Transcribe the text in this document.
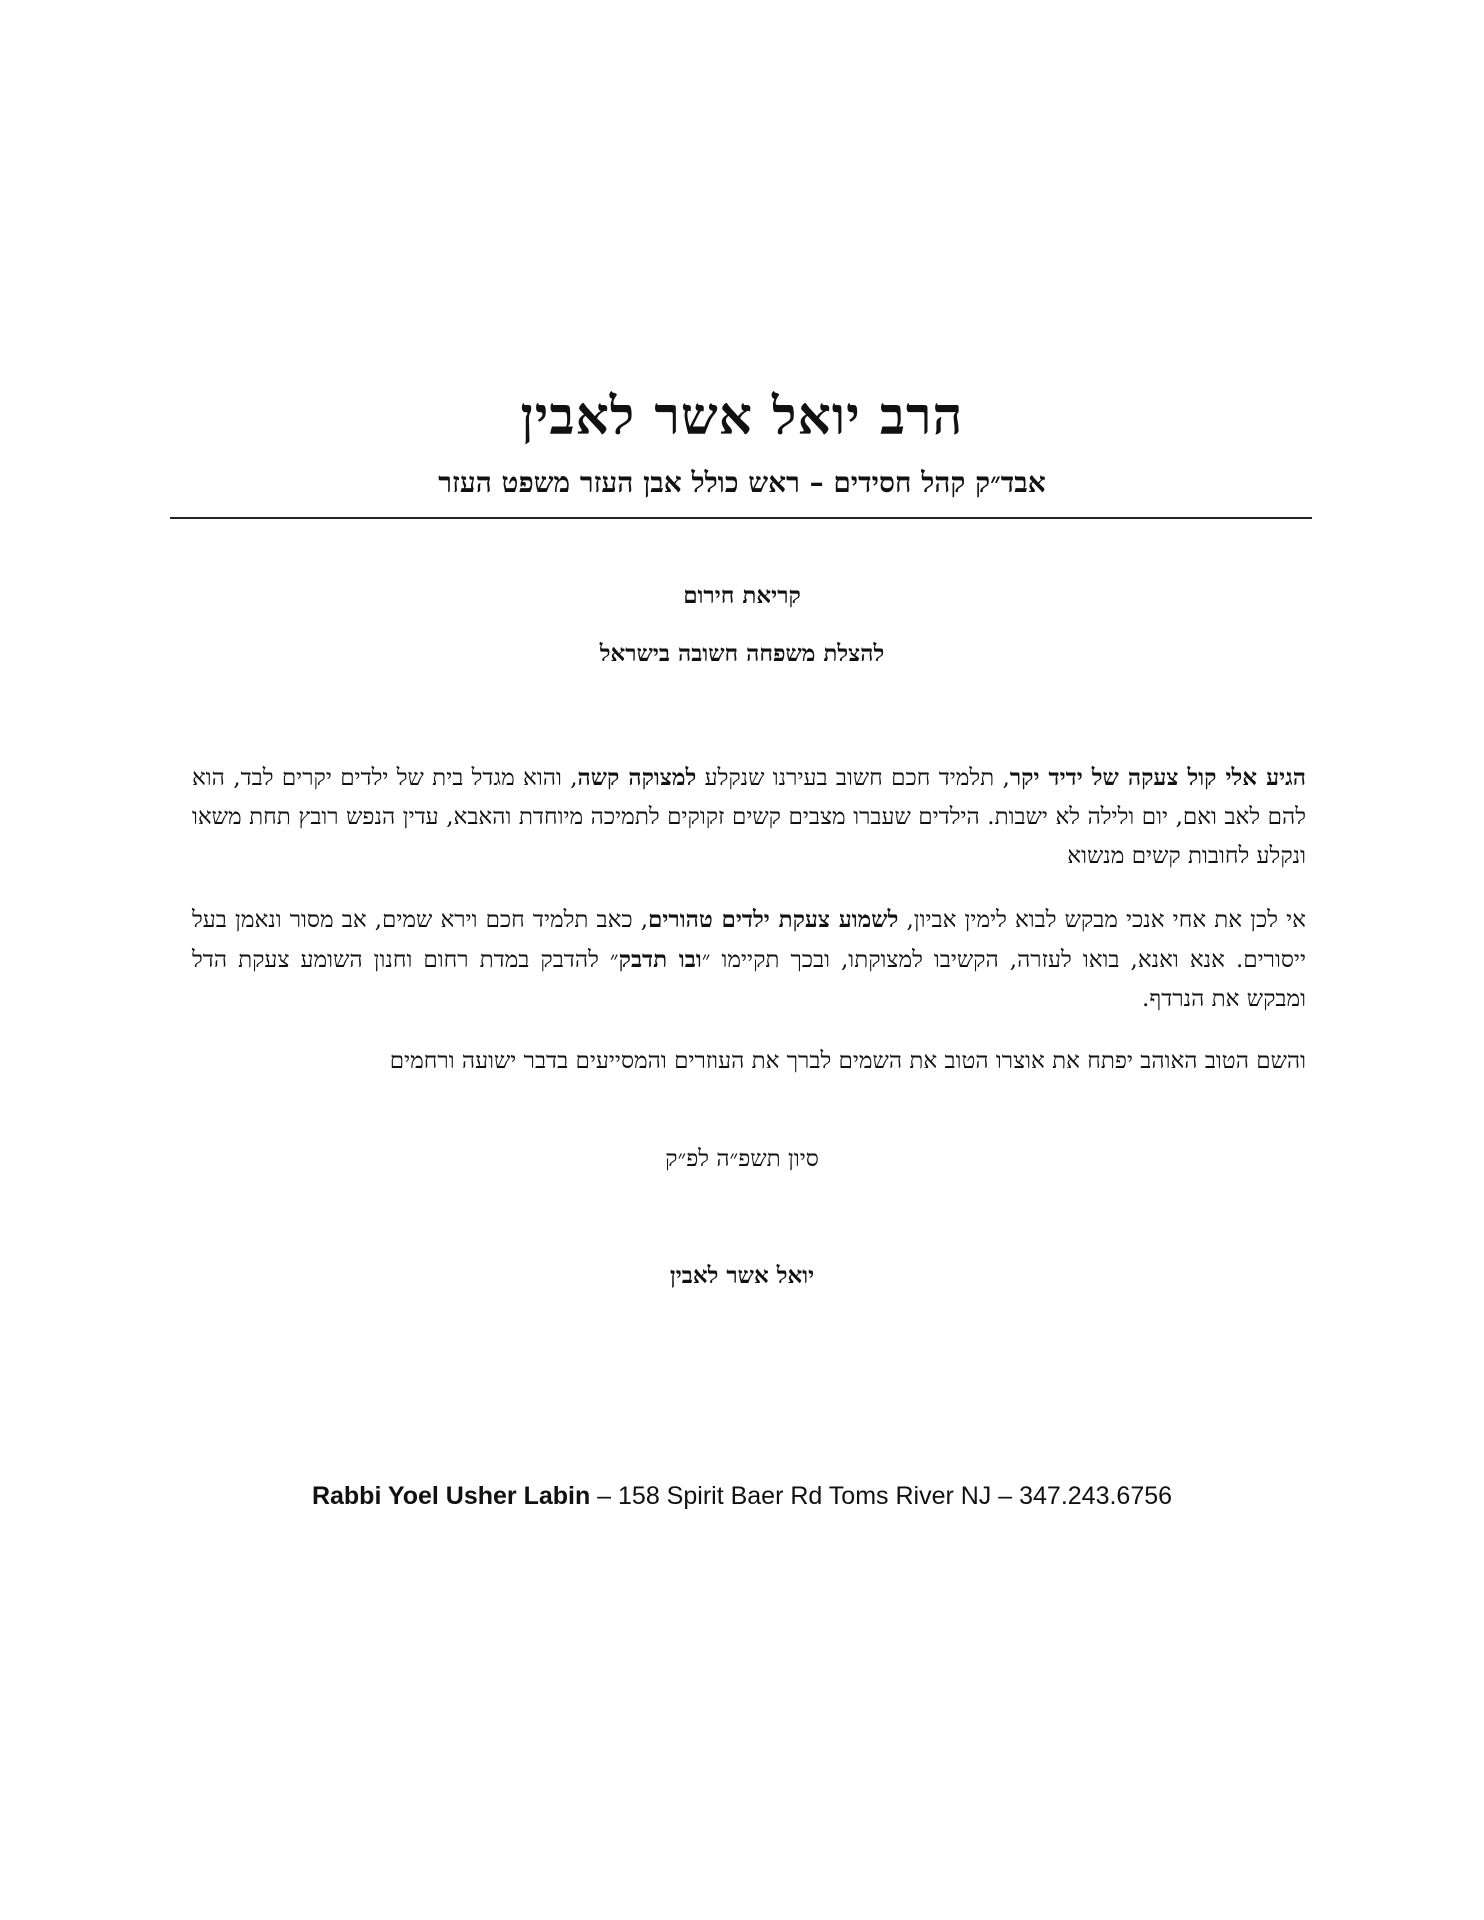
הרב יואל אשר לאבין
אבד״ק קהל חסידים – ראש כולל אבן העזר משפט העזר
קריאת חירום
להצלת משפחה חשובה בישראל

הגיע אלי קול צעקה של ידיד יקר, תלמיד חכם חשוב בעירנו שנקלע למצוקה קשה, והוא מגדל בית של ילדים יקרים לבד, הוא להם לאב ואם, יום ולילה לא ישבות. הילדים שעברו מצבים קשים זקוקים לתמיכה מיוחדת והאבא, עדין הנפש רובץ תחת משאו ונקלע לחובות קשים מנשוא

אי לכן את אחי אנכי מבקש לבוא לימין אביון, לשמוע צעקת ילדים טהורים, כאב תלמיד חכם וירא שמים, אב מסור ונאמן בעל ייסורים. אנא ואנא, בואו לעזרה, הקשיבו למצוקתו, ובכך תקיימו ״ובו תדבק״ להדבק במדת רחום וחנון השומע צעקת הדל ומבקש את הנרדף.

והשם הטוב האוהב יפתח את אוצרו הטוב את השמים לברך את העוזרים והמסייעים בדבר ישועה ורחמים

סיון תשפ״ה לפ״ק
יואל אשר לאבין
Rabbi Yoel Usher Labin – 158 Spirit Baer Rd Toms River NJ – 347.243.6756
